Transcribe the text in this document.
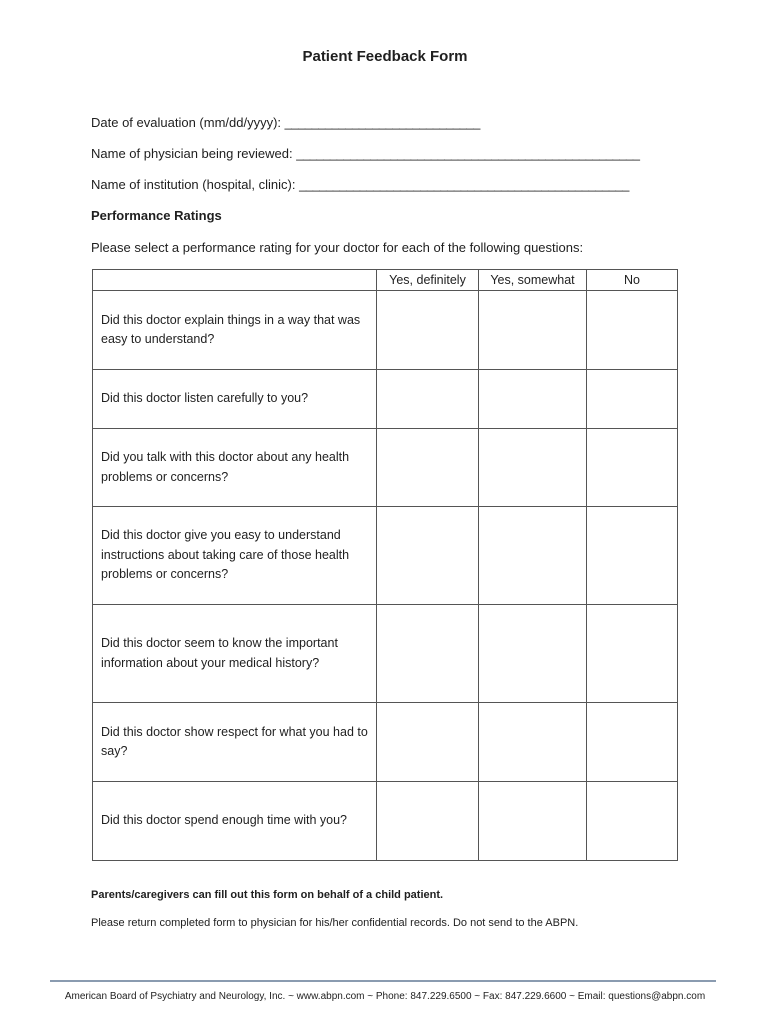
Patient Feedback Form
Date of evaluation (mm/dd/yyyy): _____________________________
Name of physician being reviewed: ___________________________________________________
Name of institution (hospital, clinic): _________________________________________________
Performance Ratings
Please select a performance rating for your doctor for each of the following questions:
	Yes, definitely	Yes, somewhat	No
Did this doctor explain things in a way that was easy to understand?			
Did this doctor listen carefully to you?			
Did you talk with this doctor about any health problems or concerns?			
Did this doctor give you easy to understand instructions about taking care of those health problems or concerns?			
Did this doctor seem to know the important information about your medical history?			
Did this doctor show respect for what you had to say?			
Did this doctor spend enough time with you?			
Parents/caregivers can fill out this form on behalf of a child patient.
Please return completed form to physician for his/her confidential records. Do not send to the ABPN.
American Board of Psychiatry and Neurology, Inc. ~ www.abpn.com ~ Phone: 847.229.6500 ~ Fax: 847.229.6600 ~ Email: questions@abpn.com
